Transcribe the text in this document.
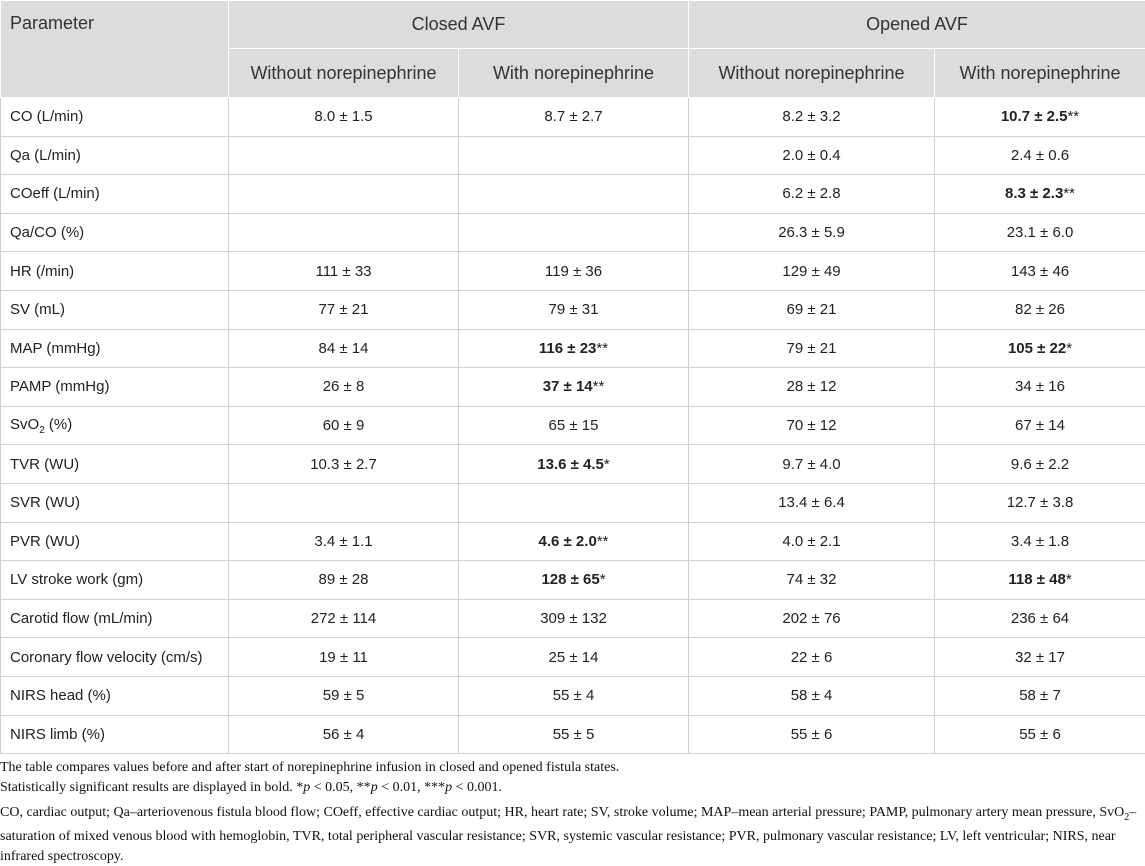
Parameter	Closed AVF		Opened AVF	
	Without norepinephrine	With norepinephrine	Without norepinephrine	With norepinephrine
CO (L/min)	8.0 ± 1.5	8.7 ± 2.7	8.2 ± 3.2	10.7 ± 2.5**
Qa (L/min)			2.0 ± 0.4	2.4 ± 0.6
COeff (L/min)			6.2 ± 2.8	8.3 ± 2.3**
Qa/CO (%)			26.3 ± 5.9	23.1 ± 6.0
HR (/min)	111 ± 33	119 ± 36	129 ± 49	143 ± 46
SV (mL)	77 ± 21	79 ± 31	69 ± 21	82 ± 26
MAP (mmHg)	84 ± 14	116 ± 23**	79 ± 21	105 ± 22*
PAMP (mmHg)	26 ± 8	37 ± 14**	28 ± 12	34 ± 16
SvO$_2$ (%)	60 ± 9	65 ± 15	70 ± 12	67 ± 14
TVR (WU)	10.3 ± 2.7	13.6 ± 4.5*	9.7 ± 4.0	9.6 ± 2.2
SVR (WU)			13.4 ± 6.4	12.7 ± 3.8
PVR (WU)	3.4 ± 1.1	4.6 ± 2.0**	4.0 ± 2.1	3.4 ± 1.8
LV stroke work (gm)	89 ± 28	128 ± 65*	74 ± 32	118 ± 48*
Carotid flow (mL/min)	272 ± 114	309 ± 132	202 ± 76	236 ± 64
Coronary flow velocity (cm/s)	19 ± 11	25 ± 14	22 ± 6	32 ± 17
NIRS head (%)	59 ± 5	55 ± 4	58 ± 4	58 ± 7
NIRS limb (%)	56 ± 4	55 ± 5	55 ± 6	55 ± 6

The table compares values before and after start of norepinephrine infusion in closed and opened fistula states.

Statistically significant results are displayed in bold. *p < 0.05, **p < 0.01, ***p < 0.001.

CO, cardiac output; Qa–arteriovenous fistula blood flow; COeff, effective cardiac output; HR, heart rate; SV, stroke volume; MAP–mean arterial pressure; PAMP, pulmonary artery mean pressure, SvO$_2$–saturation of mixed venous blood with hemoglobin, TVR, total peripheral vascular resistance; SVR, systemic vascular resistance; PVR, pulmonary vascular resistance; LV, left ventricular; NIRS, near infrared spectroscopy.
